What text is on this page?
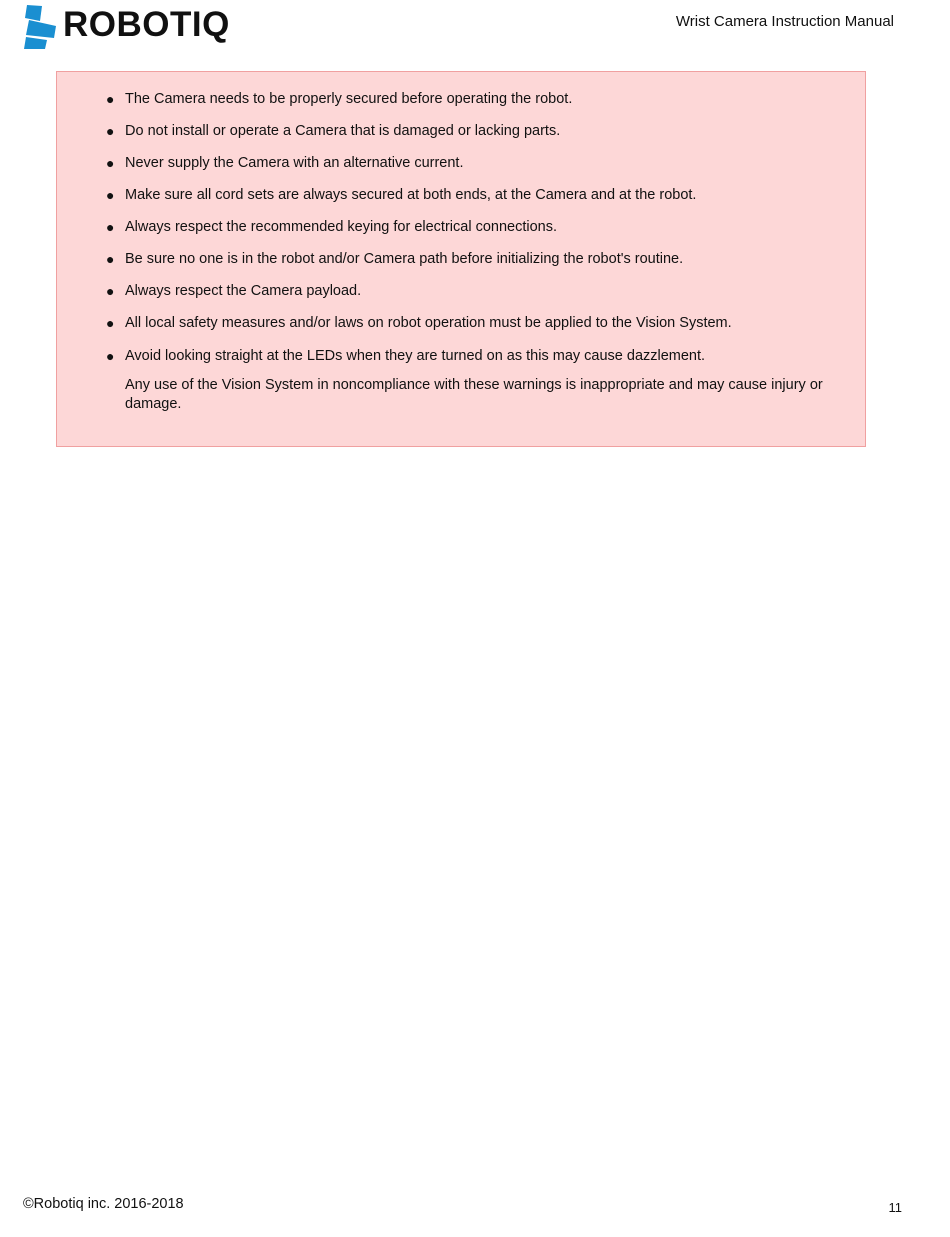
ROBOTIQ	Wrist Camera Instruction Manual
● The Camera needs to be properly secured before operating the robot.
● Do not install or operate a Camera that is damaged or lacking parts.
● Never supply the Camera with an alternative current.
● Make sure all cord sets are always secured at both ends, at the Camera and at the robot.
● Always respect the recommended keying for electrical connections.
● Be sure no one is in the robot and/or Camera path before initializing the robot's routine.
● Always respect the Camera payload.
● All local safety measures and/or laws on robot operation must be applied to the Vision System.
● Avoid looking straight at the LEDs when they are turned on as this may cause dazzlement.

Any use of the Vision System in noncompliance with these warnings is inappropriate and may cause injury or damage.

©Robotiq inc. 2016-2018	11
